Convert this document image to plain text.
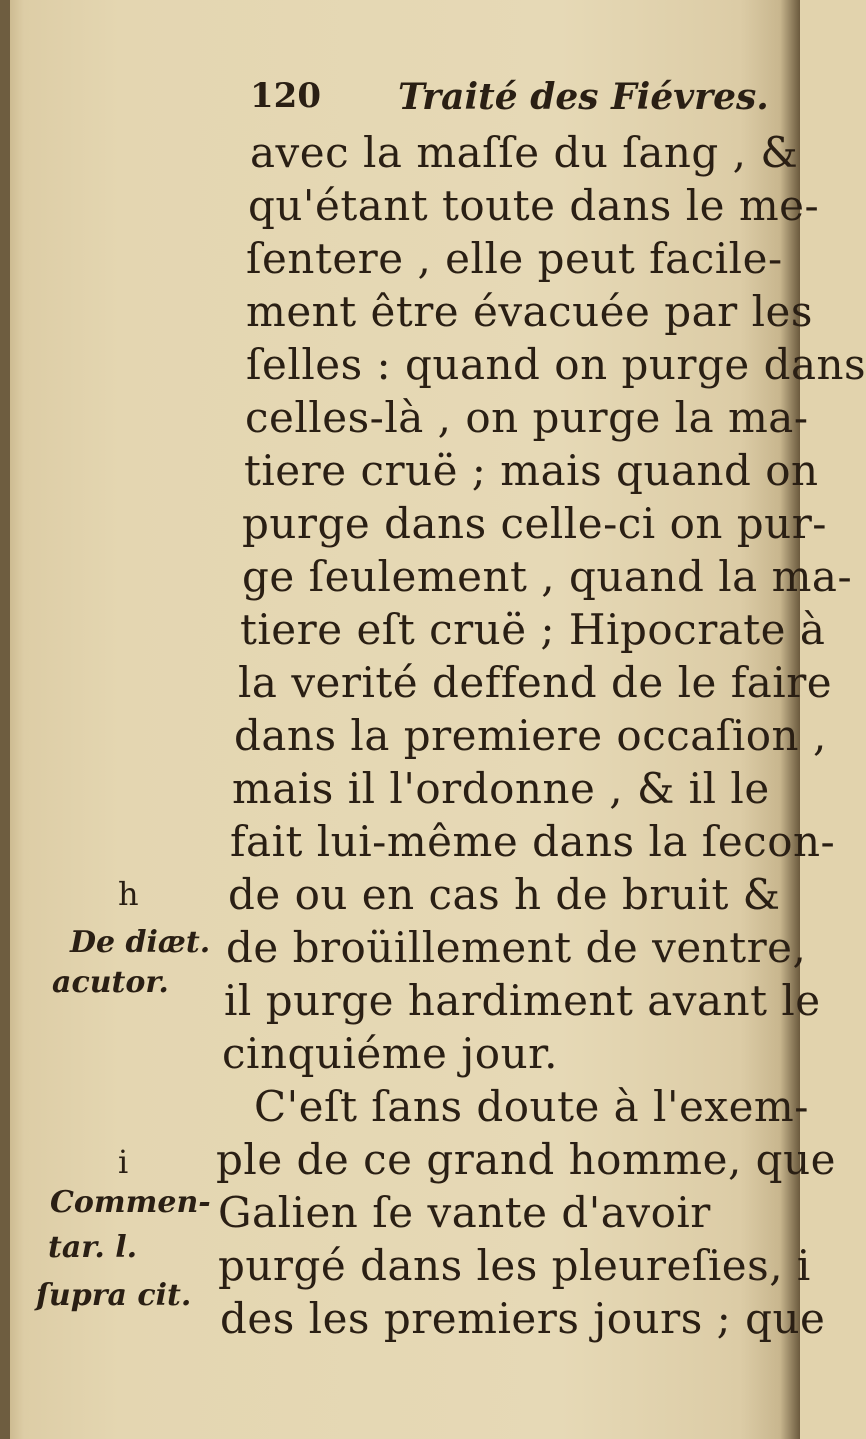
120 Traité des Fiévres.
avec la maſſe du ſang , &
qu'étant toute dans le me-
ſentere , elle peut facile-
ment être évacuée par les
ſelles : quand on purge dans
celles-là , on purge la ma-
tiere cruë ; mais quand on
purge dans celle-ci on pur-
ge ſeulement , quand la ma-
tiere eſt cruë ; Hipocrate à
la verité deffend de le faire
dans la premiere occaſion ,
mais il l'ordonne , & il le
fait lui-même dans la ſecon-
de ou en cas h de bruit &
de broüillement de ventre,
il purge hardiment avant le
cinquiéme jour.
C'eſt ſans doute à l'exem-
ple de ce grand homme, que
Galien ſe vante d'avoir
purgé dans les pleureſies, i
des les premiers jours ; que
h
De diæt.
acutor.
i
Commen-
tar. l.
ſupra cit.
